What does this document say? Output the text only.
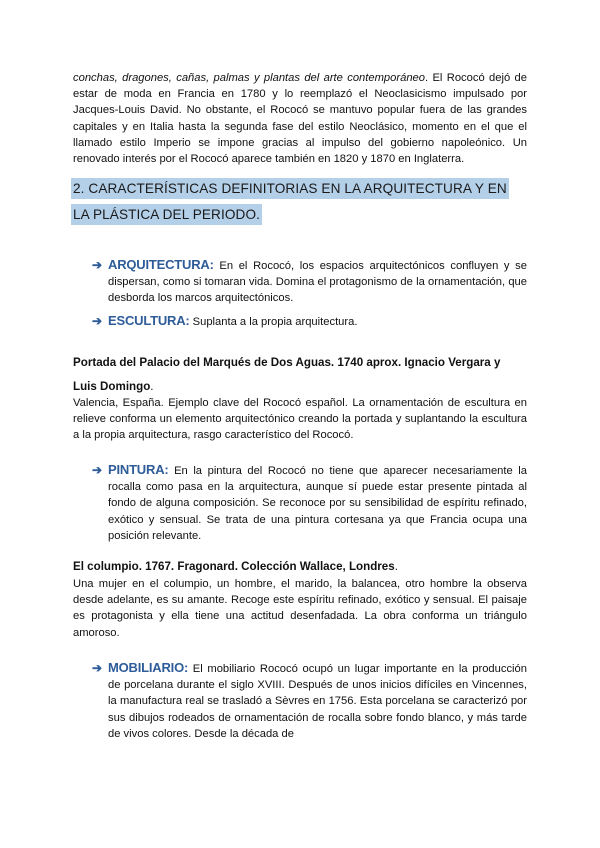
conchas, dragones, cañas, palmas y plantas del arte contemporáneo. El Rococó dejó de estar de moda en Francia en 1780 y lo reemplazó el Neoclasicismo impulsado por Jacques-Louis David. No obstante, el Rococó se mantuvo popular fuera de las grandes capitales y en Italia hasta la segunda fase del estilo Neoclásico, momento en el que el llamado estilo Imperio se impone gracias al impulso del gobierno napoleónico. Un renovado interés por el Rococó aparece también en 1820 y 1870 en Inglaterra.
2. CARACTERÍSTICAS DEFINITORIAS EN LA ARQUITECTURA Y EN LA PLÁSTICA DEL PERIODO.
➔ ARQUITECTURA: En el Rococó, los espacios arquitectónicos confluyen y se dispersan, como si tomaran vida. Domina el protagonismo de la ornamentación, que desborda los marcos arquitectónicos.
➔ ESCULTURA: Suplanta a la propia arquitectura.
Portada del Palacio del Marqués de Dos Aguas. 1740 aprox. Ignacio Vergara y Luis Domingo.
Valencia, España. Ejemplo clave del Rococó español. La ornamentación de escultura en relieve conforma un elemento arquitectónico creando la portada y suplantando la escultura a la propia arquitectura, rasgo característico del Rococó.
➔ PINTURA: En la pintura del Rococó no tiene que aparecer necesariamente la rocalla como pasa en la arquitectura, aunque sí puede estar presente pintada al fondo de alguna composición. Se reconoce por su sensibilidad de espíritu refinado, exótico y sensual. Se trata de una pintura cortesana ya que Francia ocupa una posición relevante.
El columpio. 1767. Fragonard. Colección Wallace, Londres.
Una mujer en el columpio, un hombre, el marido, la balancea, otro hombre la observa desde adelante, es su amante. Recoge este espíritu refinado, exótico y sensual. El paisaje es protagonista y ella tiene una actitud desenfadada. La obra conforma un triángulo amoroso.
➔ MOBILIARIO: El mobiliario Rococó ocupó un lugar importante en la producción de porcelana durante el siglo XVIII. Después de unos inicios difíciles en Vincennes, la manufactura real se trasladó a Sèvres en 1756. Esta porcelana se caracterizó por sus dibujos rodeados de ornamentación de rocalla sobre fondo blanco, y más tarde de vivos colores. Desde la década de
